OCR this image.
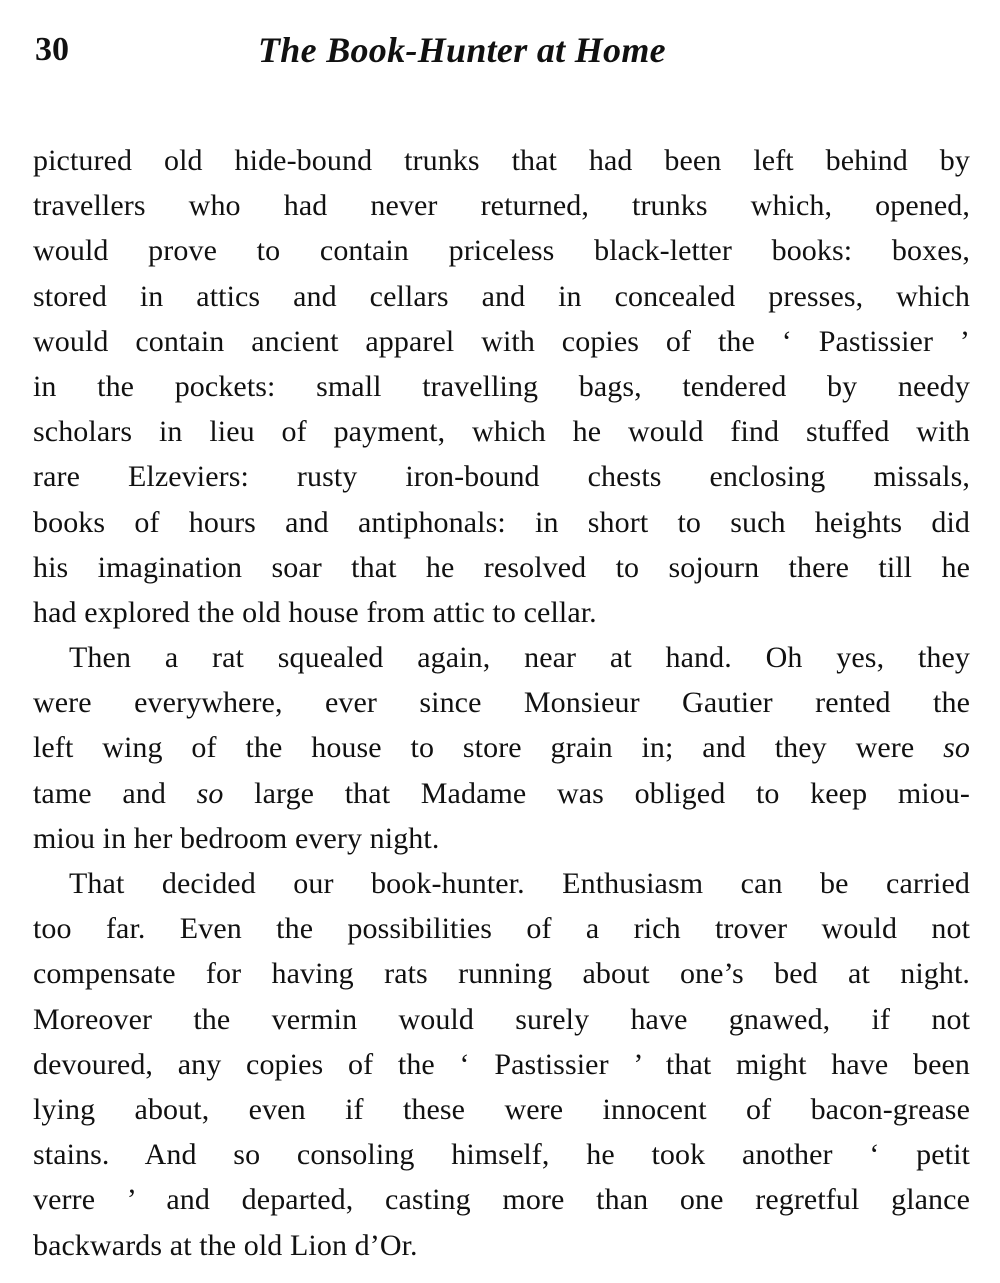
30	The Book-Hunter at Home
pictured old hide-bound trunks that had been left behind by
travellers who had never returned, trunks which, opened,
would prove to contain priceless black-letter books: boxes,
stored in attics and cellars and in concealed presses, which
would contain ancient apparel with copies of the ‘ Pastissier ’
in the pockets: small travelling bags, tendered by needy
scholars in lieu of payment, which he would find stuffed with
rare Elzeviers: rusty iron-bound chests enclosing missals,
books of hours and antiphonals: in short to such heights did
his imagination soar that he resolved to sojourn there till he
had explored the old house from attic to cellar.
Then a rat squealed again, near at hand. Oh yes, they
were everywhere, ever since Monsieur Gautier rented the
left wing of the house to store grain in; and they were so
tame and so large that Madame was obliged to keep miou-
miou in her bedroom every night.
That decided our book-hunter. Enthusiasm can be carried
too far. Even the possibilities of a rich trover would not
compensate for having rats running about one’s bed at night.
Moreover the vermin would surely have gnawed, if not
devoured, any copies of the ‘ Pastissier ’ that might have been
lying about, even if these were innocent of bacon-grease
stains. And so consoling himself, he took another ‘ petit
verre ’ and departed, casting more than one regretful glance
backwards at the old Lion d’Or.
